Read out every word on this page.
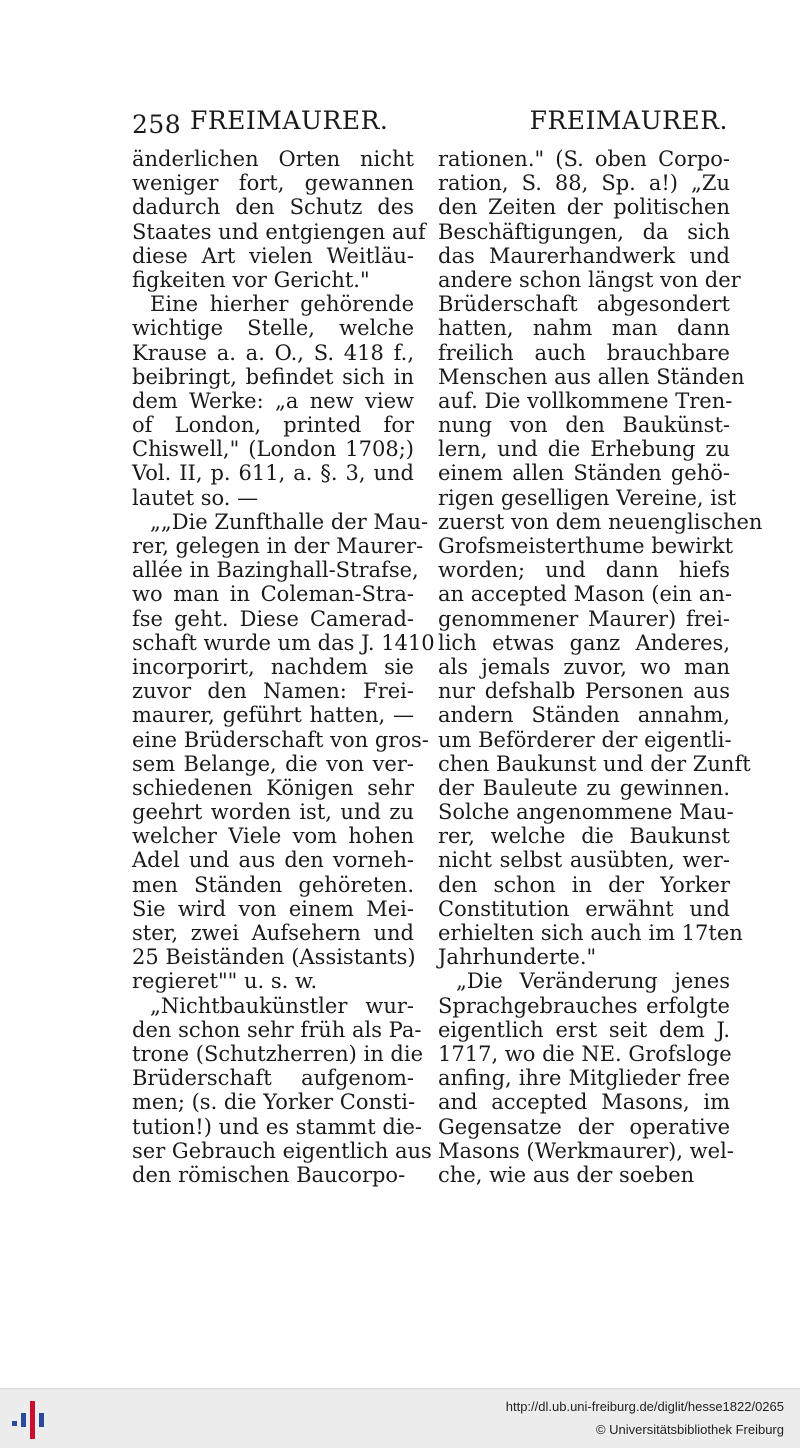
258 FREIMAURER.	FREIMAURER.
änderlichen Orten nicht
weniger fort, gewannen
dadurch den Schutz des
Staates und entgiengen auf
diese Art vielen Weitläu-
figkeiten vor Gericht."
Eine hierher gehörende
wichtige Stelle, welche
Krause a. a. O., S. 418 f.,
beibringt, befindet sich in
dem Werke: „a new view
of London, printed for
Chiswell," (London 1708;)
Vol. II, p. 611, a. §. 3, und
lautet so. —
„„Die Zunfthalle der Mau-
rer, gelegen in der Maurer-
allée in Bazinghall-Strafse,
wo man in Coleman-Stra-
fse geht. Diese Camerad-
schaft wurde um das J. 1410
incorporirt, nachdem sie
zuvor den Namen: Frei-
maurer, geführt hatten, —
eine Brüderschaft von gros-
sem Belange, die von ver-
schiedenen Königen sehr
geehrt worden ist, und zu
welcher Viele vom hohen
Adel und aus den vorneh-
men Ständen gehöreten.
Sie wird von einem Mei-
ster, zwei Aufsehern und
25 Beiständen (Assistants)
regieret"" u. s. w.
„Nichtbaukünstler wur-
den schon sehr früh als Pa-
trone (Schutzherren) in die
Brüderschaft aufgenom-
men; (s. die Yorker Consti-
tution!) und es stammt die-
ser Gebrauch eigentlich aus
den römischen Baucorpo-
rationen." (S. oben Corpo-
ration, S. 88, Sp. a!) „Zu
den Zeiten der politischen
Beschäftigungen, da sich
das Maurerhandwerk und
andere schon längst von der
Brüderschaft abgesondert
hatten, nahm man dann
freilich auch brauchbare
Menschen aus allen Ständen
auf. Die vollkommene Tren-
nung von den Baukünst-
lern, und die Erhebung zu
einem allen Ständen gehö-
rigen geselligen Vereine, ist
zuerst von dem neuenglischen
Grofsmeisterthume bewirkt
worden; und dann hiefs
an accepted Mason (ein an-
genommener Maurer) frei-
lich etwas ganz Anderes,
als jemals zuvor, wo man
nur defshalb Personen aus
andern Ständen annahm,
um Beförderer der eigentli-
chen Baukunst und der Zunft
der Bauleute zu gewinnen.
Solche angenommene Mau-
rer, welche die Baukunst
nicht selbst ausübten, wer-
den schon in der Yorker
Constitution erwähnt und
erhielten sich auch im 17ten
Jahrhunderte."
„Die Veränderung jenes
Sprachgebrauches erfolgte
eigentlich erst seit dem J.
1717, wo die NE. Grofsloge
anfing, ihre Mitglieder free
and accepted Masons, im
Gegensatze der operative
Masons (Werkmaurer), wel-
che, wie aus der soeben
http://dl.ub.uni-freiburg.de/diglit/hesse1822/0265
© Universitätsbibliothek Freiburg
